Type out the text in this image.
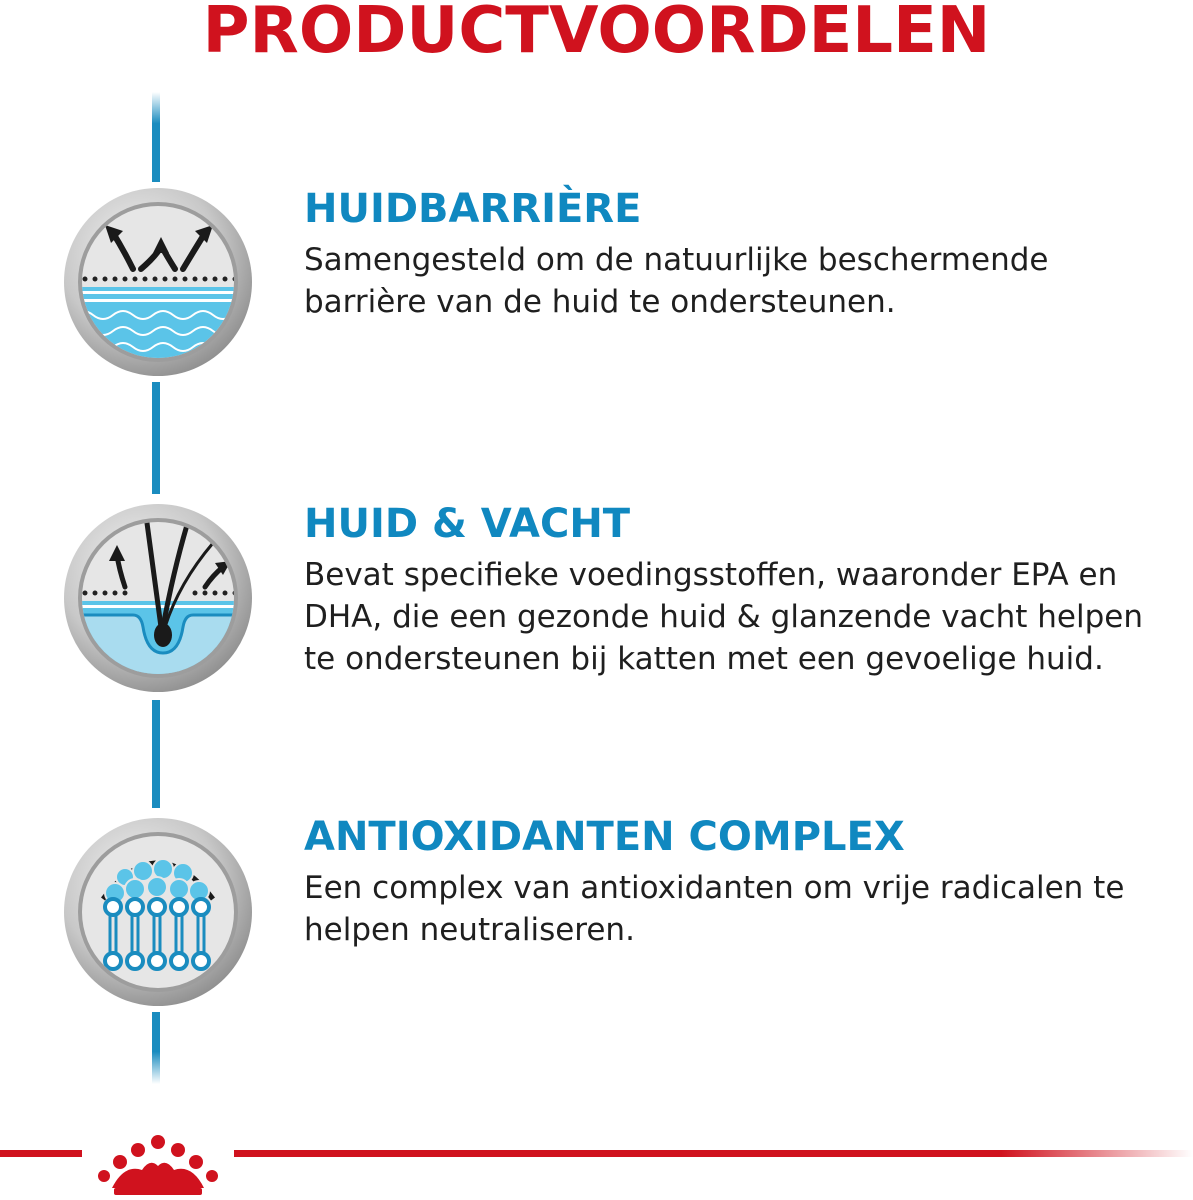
PRODUCTVOORDELEN
HUIDBARRIÈRE

Samengesteld om de natuurlijke beschermende
barrière van de huid te ondersteunen.

HUID & VACHT

Bevat specifieke voedingsstoffen, waaronder EPA en
DHA, die een gezonde huid & glanzende vacht helpen
te ondersteunen bij katten met een gevoelige huid.

ANTIOXIDANTEN COMPLEX

Een complex van antioxidanten om vrije radicalen te
helpen neutraliseren.
